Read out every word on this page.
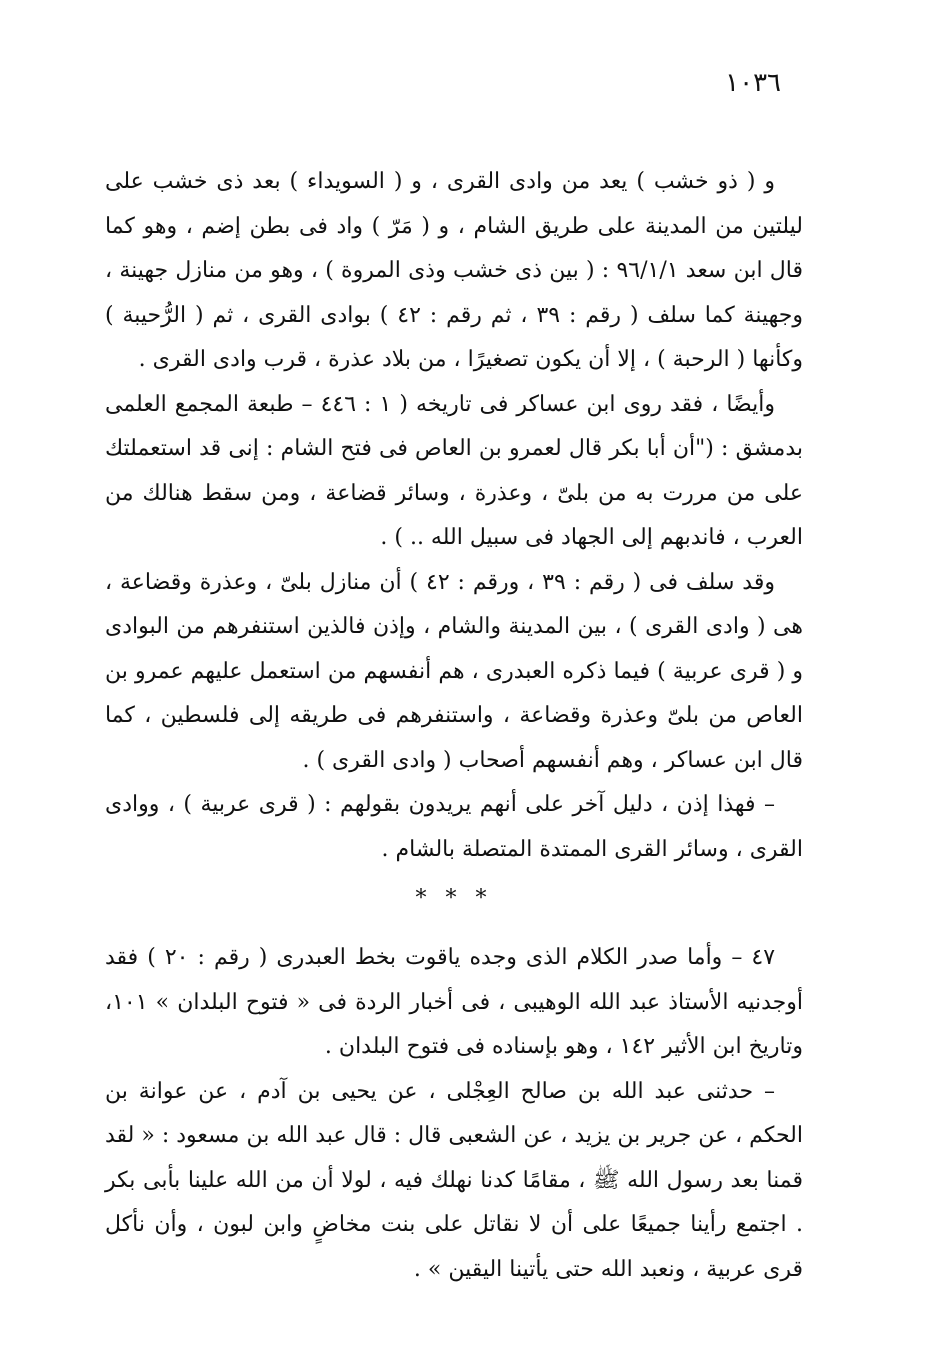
١٠٣٦

و ( ذو خشب ) يعد من وادى القرى ، و ( السويداء ) بعد ذى خشب على ليلتين من المدينة على طريق الشام ، و ( مَرّ ) واد فى بطن إضم ، وهو كما قال ابن سعد ٩٦/١/١ : ( بين ذى خشب وذى المروة ) ، وهو من منازل جهينة ، وجهينة كما سلف ( رقم : ٣٩ ، ثم رقم : ٤٢ ) بوادى القرى ، ثم ( الرُّحيبة ) وكأنها ( الرحبة ) ، إلا أن يكون تصغيرًا ، من بلاد عذرة ، قرب وادى القرى .

وأيضًا ، فقد روى ابن عساكر فى تاريخه ( ١ : ٤٤٦ – طبعة المجمع العلمى بدمشق : ("أن أبا بكر قال لعمرو بن العاص فى فتح الشام : إنى قد استعملتك على من مررت به من بلىّ ، وعذرة ، وسائر قضاعة ، ومن سقط هنالك من العرب ، فاندبهم إلى الجهاد فى سبيل الله .. ) .

وقد سلف فى ( رقم : ٣٩ ، ورقم : ٤٢ ) أن منازل بلىّ ، وعذرة وقضاعة ، هى ( وادى القرى ) ، بين المدينة والشام ، وإذن فالذين استنفرهم من البوادى و ( قرى عربية ) فيما ذكره العبدرى ، هم أنفسهم من استعمل عليهم عمرو بن العاص من بلىّ وعذرة وقضاعة ، واستنفرهم فى طريقه إلى فلسطين ، كما قال ابن عساكر ، وهم أنفسهم أصحاب ( وادى القرى ) .

– فهذا إذن ، دليل آخر على أنهم يريدون بقولهم : ( قرى عربية ) ، ووادى القرى ، وسائر القرى الممتدة المتصلة بالشام .

* * *

٤٧ – وأما صدر الكلام الذى وجده ياقوت بخط العبدرى ( رقم : ٢٠ ) فقد أوجدنيه الأستاذ عبد الله الوهيبى ، فى أخبار الردة فى « فتوح البلدان » ١٠١، وتاريخ ابن الأثير ١٤٢ ، وهو بإسناده فى فتوح البلدان .

– حدثنى عبد الله بن صالح العِجْلى ، عن يحيى بن آدم ، عن عوانة بن الحكم ، عن جرير بن يزيد ، عن الشعبى قال : قال عبد الله بن مسعود : « لقد قمنا بعد رسول الله ﷺ ، مقامًا كدنا نهلك فيه ، لولا أن من الله علينا بأبى بكر . اجتمع رأينا جميعًا على أن لا نقاتل على بنت مخاضٍ وابن لبون ، وأن نأكل قرى عربية ، ونعبد الله حتى يأتينا اليقين » .
